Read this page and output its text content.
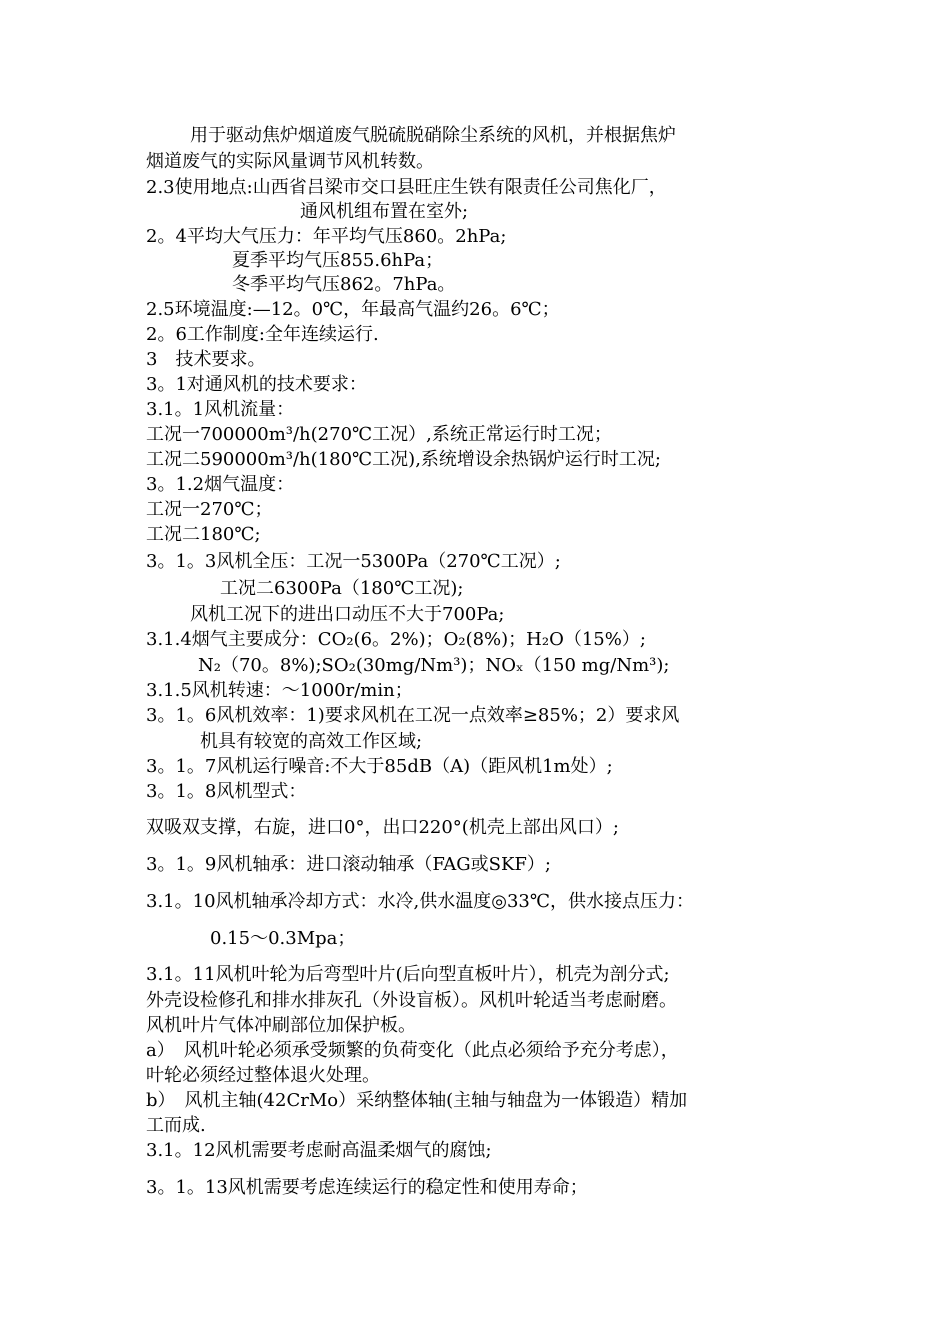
用于驱动焦炉烟道废气脱硫脱硝除尘系统的风机，并根据焦炉
烟道废气的实际风量调节风机转数。
2.3使用地点:山西省吕梁市交口县旺庄生铁有限责任公司焦化厂，
通风机组布置在室外;
2。4平均大气压力：年平均气压860。2hPa;
夏季平均气压855.6hPa；
冬季平均气压862。7hPa。
2.5环境温度:—12。0℃，年最高气温约26。6℃；
2。6工作制度:全年连续运行.
3　技术要求。
3。1对通风机的技术要求：
3.1。1风机流量：
工况一700000m³/h(270℃工况）,系统正常运行时工况；
工况二590000m³/h(180℃工况),系统增设余热锅炉运行时工况;
3。1.2烟气温度：
工况一270℃；
工况二180℃;
3。1。3风机全压：工况一5300Pa（270℃工况）;
工况二6300Pa（180℃工况);
风机工况下的进出口动压不大于700Pa;
3.1.4烟气主要成分：CO₂(6。2%)；O₂(8%)；H₂O（15%）;
N₂（70。8%);SO₂(30mg/Nm³)；NOₓ（150 mg/Nm³);
3.1.5风机转速：～1000r/min；
3。1。6风机效率：1)要求风机在工况一点效率≥85%；2）要求风
机具有较宽的高效工作区域;
3。1。7风机运行噪音:不大于85dB（A)（距风机1m处）;
3。1。8风机型式：
双吸双支撑，右旋，进口0°，出口220°(机壳上部出风口）;
3。1。9风机轴承：进口滚动轴承（FAG或SKF）;
3.1。10风机轴承冷却方式：水冷,供水温度◎33℃，供水接点压力：
0.15～0.3Mpa；
3.1。11风机叶轮为后弯型叶片(后向型直板叶片），机壳为剖分式;
外壳设检修孔和排水排灰孔（外设盲板）。风机叶轮适当考虑耐磨。
风机叶片气体冲刷部位加保护板。
a）　风机叶轮必须承受频繁的负荷变化（此点必须给予充分考虑），
叶轮必须经过整体退火处理。
b）　风机主轴(42CrMo）采纳整体轴(主轴与轴盘为一体锻造）精加
工而成.
3.1。12风机需要考虑耐高温柔烟气的腐蚀;
3。1。13风机需要考虑连续运行的稳定性和使用寿命；
